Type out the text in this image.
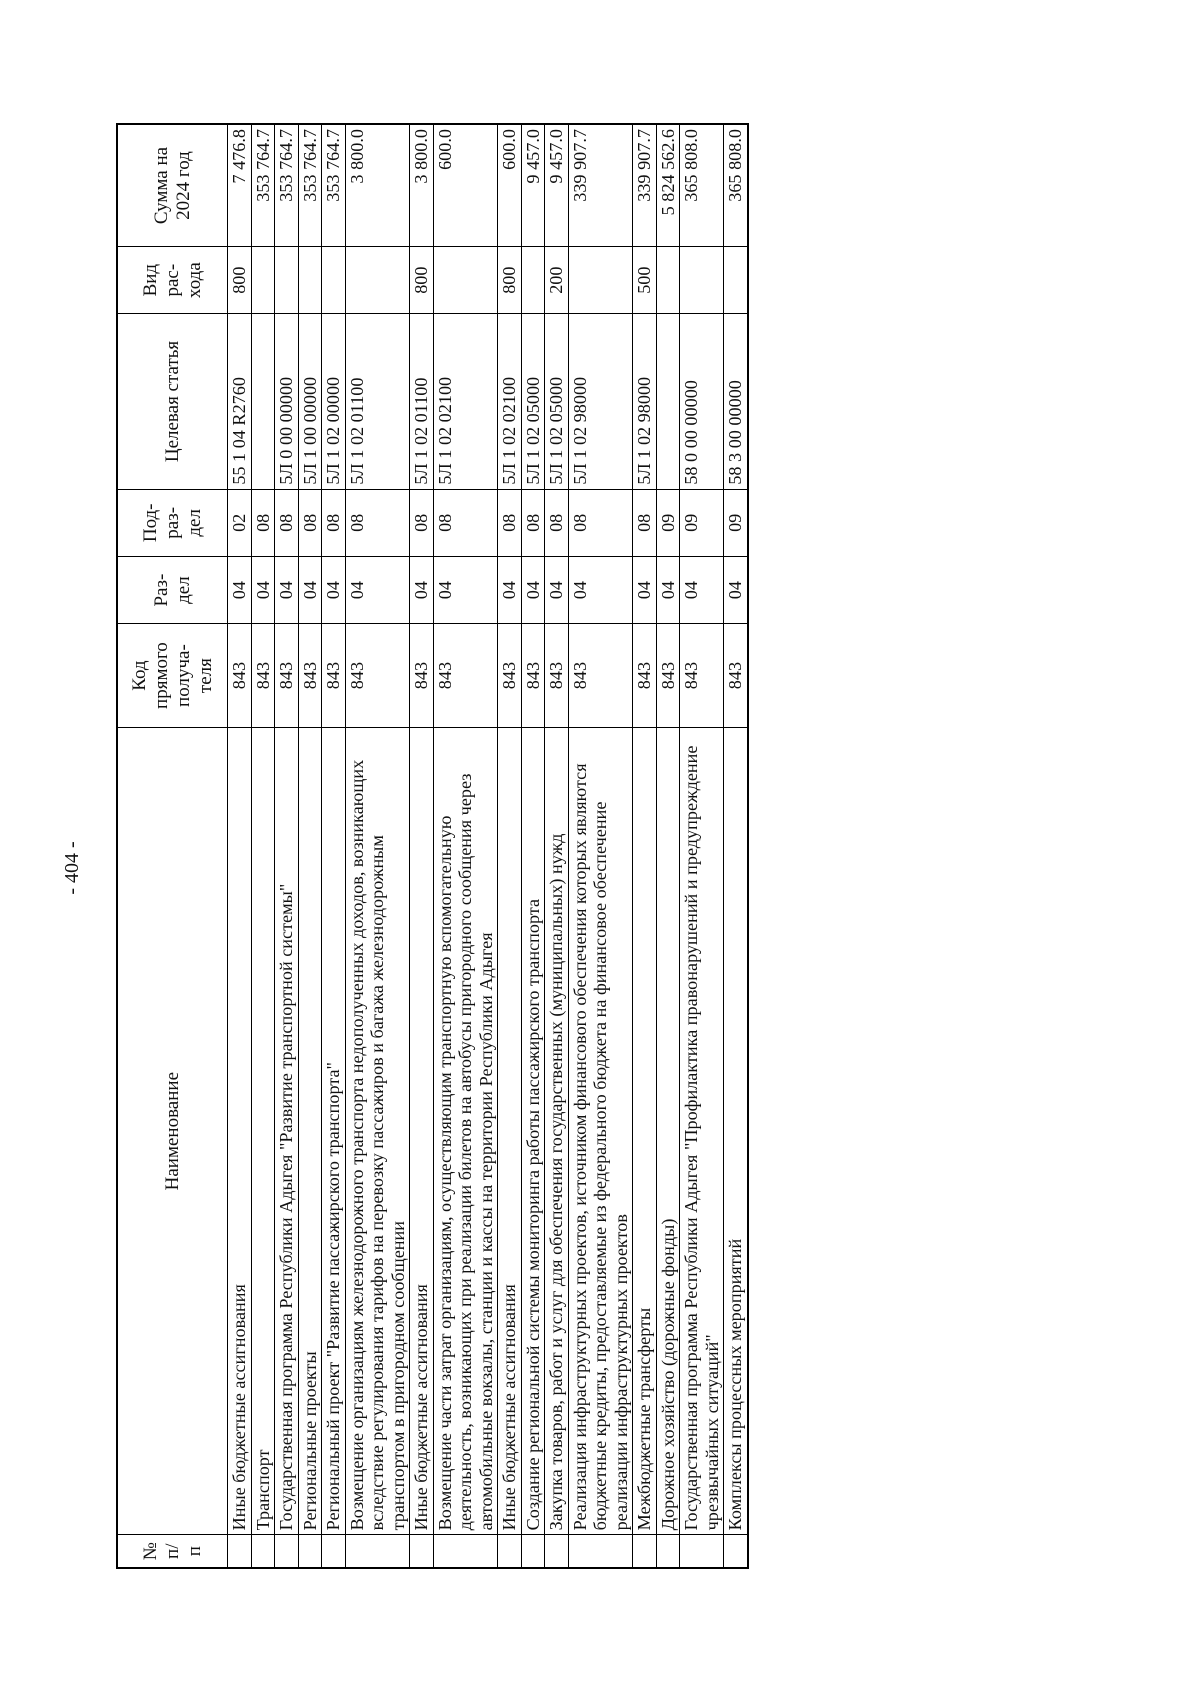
- 404 -
№ п/п	Наименование	Код прямого получа-теля	Раз-дел	Под-раз-дел	Целевая статья	Вид рас-хода	Сумма на 2024 год
	Иные бюджетные ассигнования	843	04	02	55 1 04 R2760	800	7 476.8
	Транспорт	843	04	08			353 764.7
	Государственная программа Республики Адыгея "Развитие транспортной системы"	843	04	08	5Л 0 00 00000		353 764.7
	Региональные проекты	843	04	08	5Л 1 00 00000		353 764.7
	Региональный проект "Развитие пассажирского транспорта"	843	04	08	5Л 1 02 00000		353 764.7
	Возмещение организациям железнодорожного транспорта недополученных доходов, возникающих вследствие регулирования тарифов на перевозку пассажиров и багажа железнодорожным транспортом в пригородном сообщении	843	04	08	5Л 1 02 01100		3 800.0
	Иные бюджетные ассигнования	843	04	08	5Л 1 02 01100	800	3 800.0
	Возмещение части затрат организациям, осуществляющим транспортную вспомогательную деятельность, возникающих при реализации билетов на автобусы пригородного сообщения через автомобильные вокзалы, станции и кассы на территории Республики Адыгея	843	04	08	5Л 1 02 02100		600.0
	Иные бюджетные ассигнования	843	04	08	5Л 1 02 02100	800	600.0
	Создание региональной системы мониторинга работы пассажирского транспорта	843	04	08	5Л 1 02 05000		9 457.0
	Закупка товаров, работ и услуг для обеспечения государственных (муниципальных) нужд	843	04	08	5Л 1 02 05000	200	9 457.0
	Реализация инфраструктурных проектов, источником финансового обеспечения которых являются бюджетные кредиты, предоставляемые из федерального бюджета на финансовое обеспечение реализации инфраструктурных проектов	843	04	08	5Л 1 02 98000		339 907.7
	Межбюджетные трансферты	843	04	08	5Л 1 02 98000	500	339 907.7
	Дорожное хозяйство (дорожные фонды)	843	04	09			5 824 562.6
	Государственная программа Республики Адыгея "Профилактика правонарушений и предупреждение чрезвычайных ситуаций"	843	04	09	58 0 00 00000		365 808.0
	Комплексы процессных мероприятий	843	04	09	58 3 00 00000		365 808.0
